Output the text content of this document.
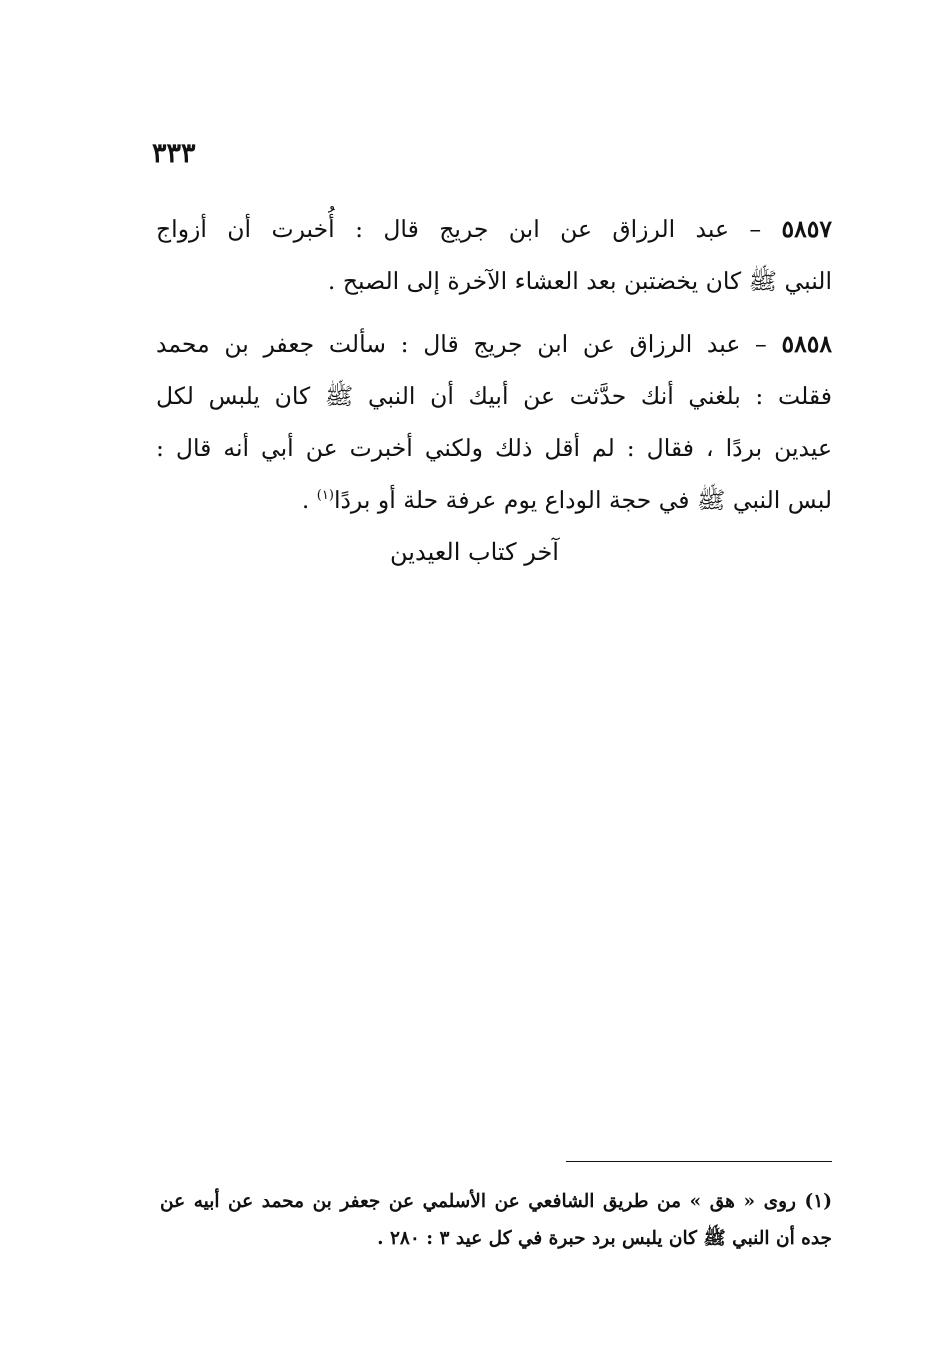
٣٣٣
٥٨٥٧ – عبد الرزاق عن ابن جريج قال : أُخبرت أن أزواج
النبي ﷺ كان يخضتبن بعد العشاء الآخرة إلى الصبح .
٥٨٥٨ – عبد الرزاق عن ابن جريج قال : سألت جعفر بن محمد
فقلت : بلغني أنك حدَّثت عن أبيك أن النبي ﷺ كان يلبس لكل
عيدين بردًا ، فقال : لم أقل ذلك ولكني أخبرت عن أبي أنه قال :
لبس النبي ﷺ في حجة الوداع يوم عرفة حلة أو بردًا$^{(١)}$ .
آخر كتاب العيدين
(١) روى « هق » من طريق الشافعي عن الأسلمي عن جعفر بن محمد عن أبيه عن
جده أن النبي ﷺ كان يلبس برد حبرة في كل عيد ٣ : ٢٨٠ .
